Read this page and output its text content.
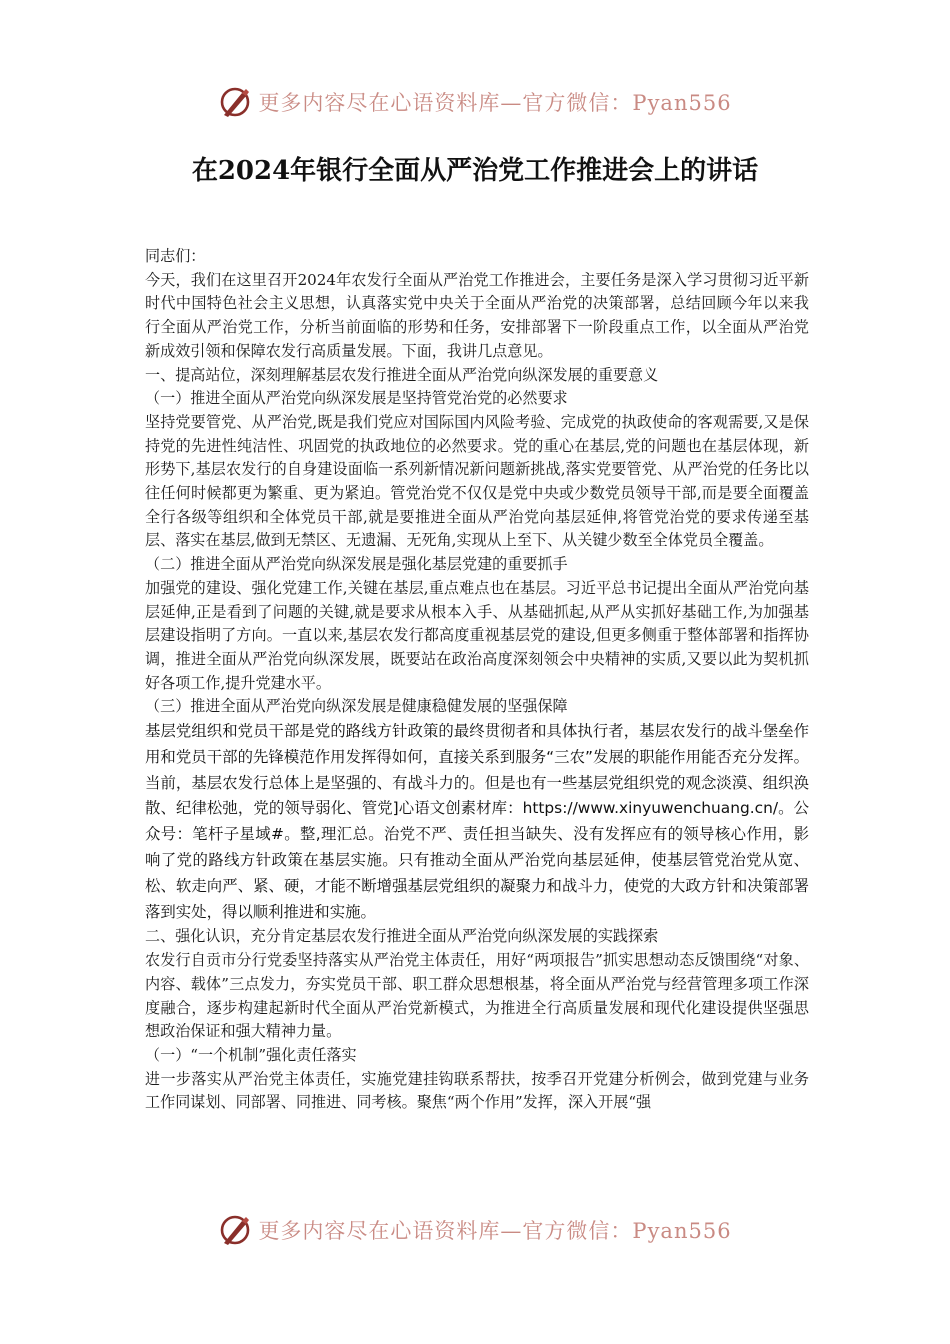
更多内容尽在心语资料库—官方微信：Pyan556
在2024年银行全面从严治党工作推进会上的讲话

同志们：

今天，我们在这里召开2024年农发行全面从严治党工作推进会，主要任务是深入学习贯彻习近平新时代中国特色社会主义思想，认真落实党中央关于全面从严治党的决策部署，总结回顾今年以来我行全面从严治党工作，分析当前面临的形势和任务，安排部署下一阶段重点工作，以全面从严治党新成效引领和保障农发行高质量发展。下面，我讲几点意见。

一、提高站位，深刻理解基层农发行推进全面从严治党向纵深发展的重要意义

（一）推进全面从严治党向纵深发展是坚持管党治党的必然要求

坚持党要管党、从严治党,既是我们党应对国际国内风险考验、完成党的执政使命的客观需要,又是保持党的先进性纯洁性、巩固党的执政地位的必然要求。党的重心在基层,党的问题也在基层体现，新形势下,基层农发行的自身建设面临一系列新情况新问题新挑战,落实党要管党、从严治党的任务比以往任何时候都更为繁重、更为紧迫。管党治党不仅仅是党中央或少数党员领导干部,而是要全面覆盖全行各级等组织和全体党员干部,就是要推进全面从严治党向基层延伸,将管党治党的要求传递至基层、落实在基层,做到无禁区、无遗漏、无死角,实现从上至下、从关键少数至全体党员全覆盖。

（二）推进全面从严治党向纵深发展是强化基层党建的重要抓手

加强党的建设、强化党建工作,关键在基层,重点难点也在基层。习近平总书记提出全面从严治党向基层延伸,正是看到了问题的关键,就是要求从根本入手、从基础抓起,从严从实抓好基础工作,为加强基层建设指明了方向。一直以来,基层农发行都高度重视基层党的建设,但更多侧重于整体部署和指挥协调，推进全面从严治党向纵深发展，既要站在政治高度深刻领会中央精神的实质,又要以此为契机抓好各项工作,提升党建水平。

（三）推进全面从严治党向纵深发展是健康稳健发展的坚强保障

基层党组织和党员干部是党的路线方针政策的最终贯彻者和具体执行者，基层农发行的战斗堡垒作用和党员干部的先锋模范作用发挥得如何，直接关系到服务“三农”发展的职能作用能否充分发挥。当前，基层农发行总体上是坚强的、有战斗力的。但是也有一些基层党组织党的观念淡漠、组织涣散、纪律松弛，党的领导弱化、管党]心语文创素材库：https://www.xinyuwenchuang.cn/。公众号：笔杆子星域#。整,理汇总。治党不严、责任担当缺失、没有发挥应有的领导核心作用，影响了党的路线方针政策在基层实施。只有推动全面从严治党向基层延伸，使基层管党治党从宽、松、软走向严、紧、硬，才能不断增强基层党组织的凝聚力和战斗力，使党的大政方针和决策部署落到实处，得以顺利推进和实施。

二、强化认识，充分肯定基层农发行推进全面从严治党向纵深发展的实践探索

农发行自贡市分行党委坚持落实从严治党主体责任，用好“两项报告”抓实思想动态反馈围绕“对象、内容、载体”三点发力，夯实党员干部、职工群众思想根基，将全面从严治党与经营管理多项工作深度融合，逐步构建起新时代全面从严治党新模式，为推进全行高质量发展和现代化建设提供坚强思想政治保证和强大精神力量。

（一）“一个机制”强化责任落实

进一步落实从严治党主体责任，实施党建挂钩联系帮扶，按季召开党建分析例会，做到党建与业务工作同谋划、同部署、同推进、同考核。聚焦“两个作用”发挥，深入开展“强

更多内容尽在心语资料库—官方微信：Pyan556
